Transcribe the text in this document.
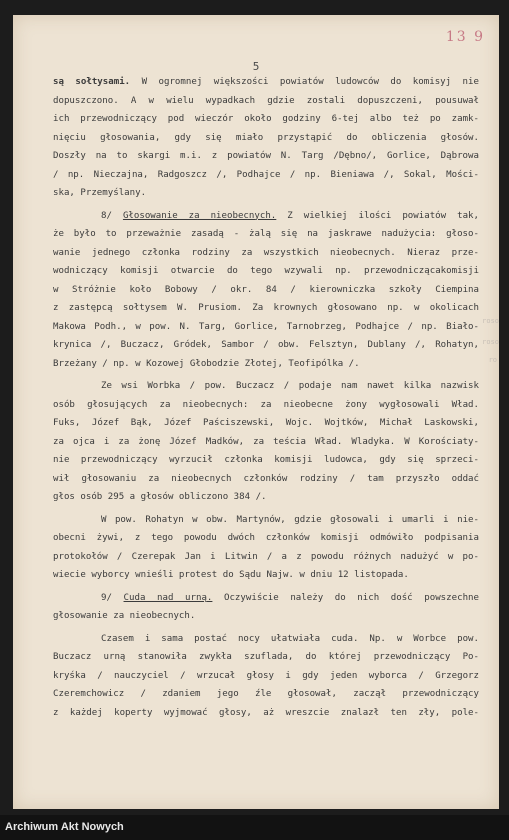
5
13 9
roso
roso
ro

są sołtysami. W ogromnej większości powiatów ludowców do komisyj nie
dopuszczono. A w wielu wypadkach gdzie zostali dopuszczeni, pousuwał
ich przewodniczący pod wieczór około godziny 6-tej albo też po zamk-
nięciu głosowania, gdy się miało przystąpić do obliczenia głosów.
Doszły na to skargi m.i. z powiatów N. Targ /Dębno/, Gorlice, Dąbrowa
/ np. Nieczajna, Radgoszcz /, Podhajce / np. Bieniawa /, Sokal, Mości-
ska, Przemyślany.

8/ Głosowanie za nieobecnych. Z wielkiej ilości powiatów tak,
że było to przeważnie zasadą - żalą się na jaskrawe nadużycia: głoso-
wanie jednego członka rodziny za wszystkich nieobecnych. Nieraz prze-
wodniczący komisji otwarcie do tego wzywali np. przewodniczącakomisji
w Stróżnie koło Bobowy / okr. 84 / kierowniczka szkoły Ciempina
z zastępcą sołtysem W. Prusiom. Za krownych głosowano np. w okolicach
Makowa Podh., w pow. N. Targ, Gorlice, Tarnobrzeg, Podhajce / np. Biało-
krynica /, Buczacz, Gródek, Sambor / obw. Felsztyn, Dublany /, Rohatyn,
Brzeżany / np. w Kozowej Głobodzie Złotej, Teofipólka /.

Ze wsi Worbka / pow. Buczacz / podaje nam nawet kilka nazwisk
osób głosujących za nieobecnych: za nieobecne żony wygłosowali Wład.
Fuks, Józef Bąk, Józef Paściszewski, Wojc. Wojtków, Michał Laskowski,
za ojca i za żonę Józef Madków, za teścia Wład. Wladyka. W Korościaty-
nie przewodniczący wyrzucił członka komisji ludowca, gdy się sprzeci-
wił głosowaniu za nieobecnych członków rodziny / tam przyszło oddać
głos osób 295 a głosów obliczono 384 /.

W pow. Rohatyn w obw. Martynów, gdzie głosowali i umarli i nie-
obecni żywi, z tego powodu dwóch członków komisji odmówiło podpisania
protokołów / Czerepak Jan i Litwin / a z powodu różnych nadużyć w po-
wiecie wyborcy wnieśli protest do Sądu Najw. w dniu 12 listopada.

9/ Cuda nad urną. Oczywiście należy do nich dość powszechne
głosowanie za nieobecnych.

Czasem i sama postać nocy ułatwiała cuda. Np. w Worbce pow.
Buczacz urną stanowiła zwykła szuflada, do której przewodniczący Po-
kryśka / nauczyciel / wrzucał głosy i gdy jeden wyborca / Grzegorz
Czeremchowicz / zdaniem jego źle głosował, zaczął przewodniczący
z każdej koperty wyjmować głosy, aż wreszcie znalazł ten zły, pole-

Archiwum Akt Nowych
